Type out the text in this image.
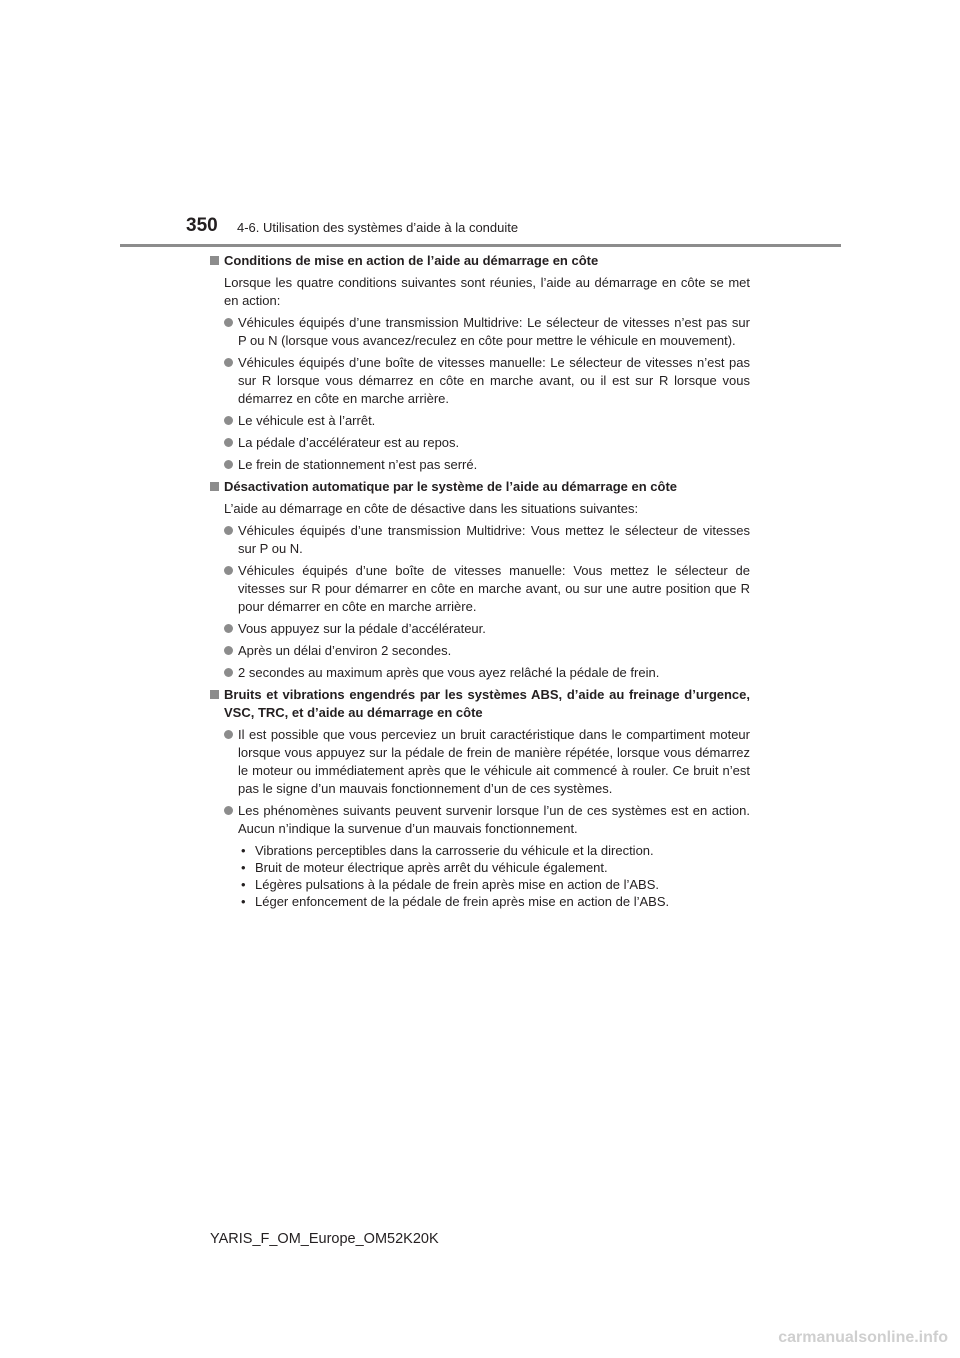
350 4-6. Utilisation des systèmes d’aide à la conduite
Conditions de mise en action de l’aide au démarrage en côte
Lorsque les quatre conditions suivantes sont réunies, l’aide au démarrage en côte se met en action:
Véhicules équipés d’une transmission Multidrive: Le sélecteur de vitesses n’est pas sur P ou N (lorsque vous avancez/reculez en côte pour mettre le véhicule en mouvement).
Véhicules équipés d’une boîte de vitesses manuelle: Le sélecteur de vitesses n’est pas sur R lorsque vous démarrez en côte en marche avant, ou il est sur R lorsque vous démarrez en côte en marche arrière.
Le véhicule est à l’arrêt.
La pédale d’accélérateur est au repos.
Le frein de stationnement n’est pas serré.
Désactivation automatique par le système de l’aide au démarrage en côte
L’aide au démarrage en côte de désactive dans les situations suivantes:
Véhicules équipés d’une transmission Multidrive: Vous mettez le sélecteur de vitesses sur P ou N.
Véhicules équipés d’une boîte de vitesses manuelle: Vous mettez le sélecteur de vitesses sur R pour démarrer en côte en marche avant, ou sur une autre position que R pour démarrer en côte en marche arrière.
Vous appuyez sur la pédale d’accélérateur.
Après un délai d’environ 2 secondes.
2 secondes au maximum après que vous ayez relâché la pédale de frein.
Bruits et vibrations engendrés par les systèmes ABS, d’aide au freinage d’urgence, VSC, TRC, et d’aide au démarrage en côte
Il est possible que vous perceviez un bruit caractéristique dans le compartiment moteur lorsque vous appuyez sur la pédale de frein de manière répétée, lorsque vous démarrez le moteur ou immédiatement après que le véhicule ait commencé à rouler. Ce bruit n’est pas le signe d’un mauvais fonctionnement d’un de ces systèmes.
Les phénomènes suivants peuvent survenir lorsque l’un de ces systèmes est en action. Aucun n’indique la survenue d’un mauvais fonctionnement.
• Vibrations perceptibles dans la carrosserie du véhicule et la direction.
• Bruit de moteur électrique après arrêt du véhicule également.
• Légères pulsations à la pédale de frein après mise en action de l’ABS.
• Léger enfoncement de la pédale de frein après mise en action de l’ABS.
YARIS_F_OM_Europe_OM52K20K
carmanualsonline.info
